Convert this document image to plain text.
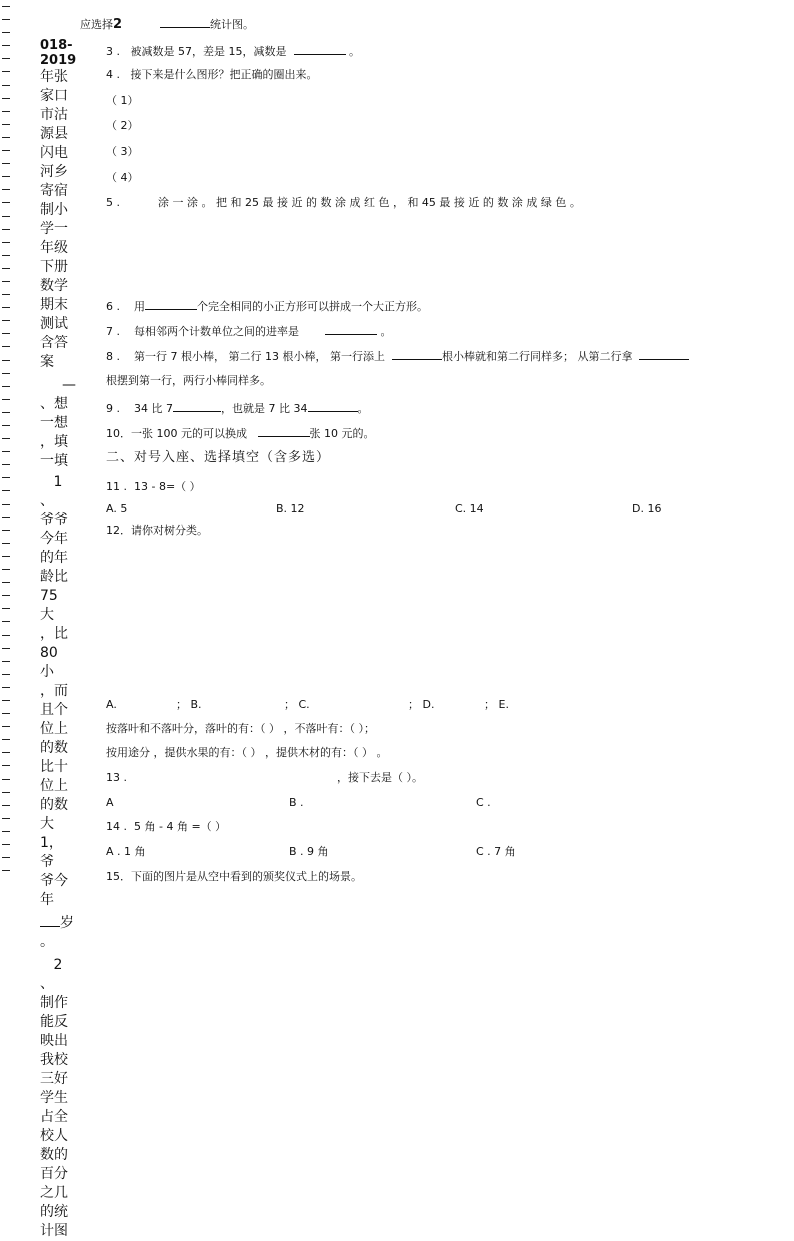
018-
2019
年张
家口
市沽
源县
闪电
河乡
寄宿
制小
学一
年级
下册
数学
期末
测试
含答
案
—
、想
一想
，填
一填
1
、
爷爷
今年
的年
龄比
75 大
，比
80 小
，而
且个
位上
的数
比十
位上
的数
大
1，爷
爷今
年
岁
。
2
、
制作
能反
映出
我校
三好
学生
占全
校人
数的
百分
之几
的统
计图
应选择2	统计图。
3 . 被减数是 57，差是 15，减数是	。
4 . 接下来是什么图形？把正确的圈出来。
（ 1）
（ 2）
（ 3）
（ 4）
5 .	涂 一 涂 。 把 和 25 最 接 近 的 数 涂 成 红 色 ， 和 45 最 接 近 的 数 涂 成 绿 色 。
6 . 用	个完全相同的小正方形可以拼成一个大正方形。
7 . 每相邻两个计数单位之间的进率是	。
8 . 第一行 7 根小棒， 第二行 13 根小棒， 第一行添上	根小棒就和第二行同样多； 从第二行拿
根摆到第一行，两行小棒同样多。
9 . 34 比 7	，也就是 7 比 34	。
10．一张 100 元的可以换成	张 10 元的。
二、对号入座、选择填空（含多选）
11 . 13 - 8=（ ）
A. 5	B. 12	C. 14	D. 16
12．请你对树分类。
A.	； B.	； C.	； D.	； E.
按落叶和不落叶分，落叶的有：（ ） ，不落叶有：（ ）；
按用途分 ，提供水果的有：（ ） ，提供木材的有：（ ） 。
13 .	，接下去是（ ）。
A	B .	C .
14 . 5 角 - 4 角 =（ ）
A . 1 角	B . 9 角	C . 7 角
15．下面的图片是从空中看到的颁奖仪式上的场景。
